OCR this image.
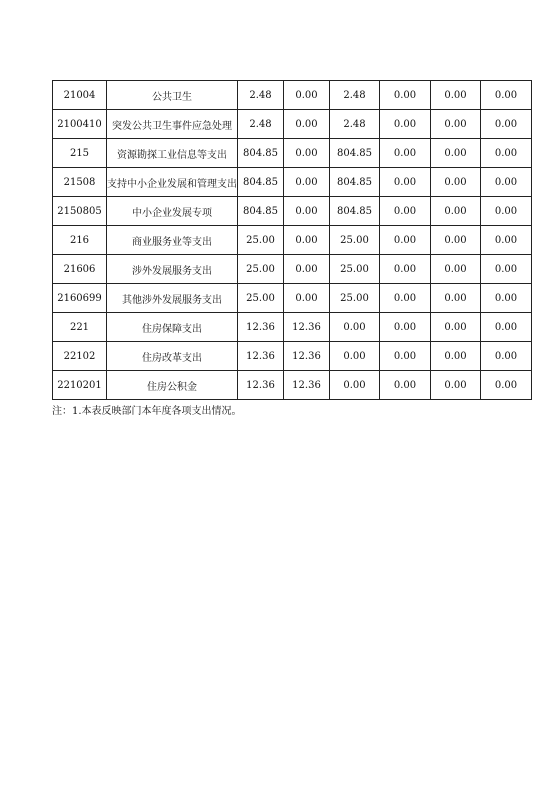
21004	公共卫生	2.48	0.00	2.48	0.00	0.00	0.00
2100410	突发公共卫生事件应急处理	2.48	0.00	2.48	0.00	0.00	0.00
215	资源勘探工业信息等支出	804.85	0.00	804.85	0.00	0.00	0.00
21508	支持中小企业发展和管理支出	804.85	0.00	804.85	0.00	0.00	0.00
2150805	中小企业发展专项	804.85	0.00	804.85	0.00	0.00	0.00
216	商业服务业等支出	25.00	0.00	25.00	0.00	0.00	0.00
21606	涉外发展服务支出	25.00	0.00	25.00	0.00	0.00	0.00
2160699	其他涉外发展服务支出	25.00	0.00	25.00	0.00	0.00	0.00
221	住房保障支出	12.36	12.36	0.00	0.00	0.00	0.00
22102	住房改革支出	12.36	12.36	0.00	0.00	0.00	0.00
2210201	住房公积金	12.36	12.36	0.00	0.00	0.00	0.00
注：1.本表反映部门本年度各项支出情况。
